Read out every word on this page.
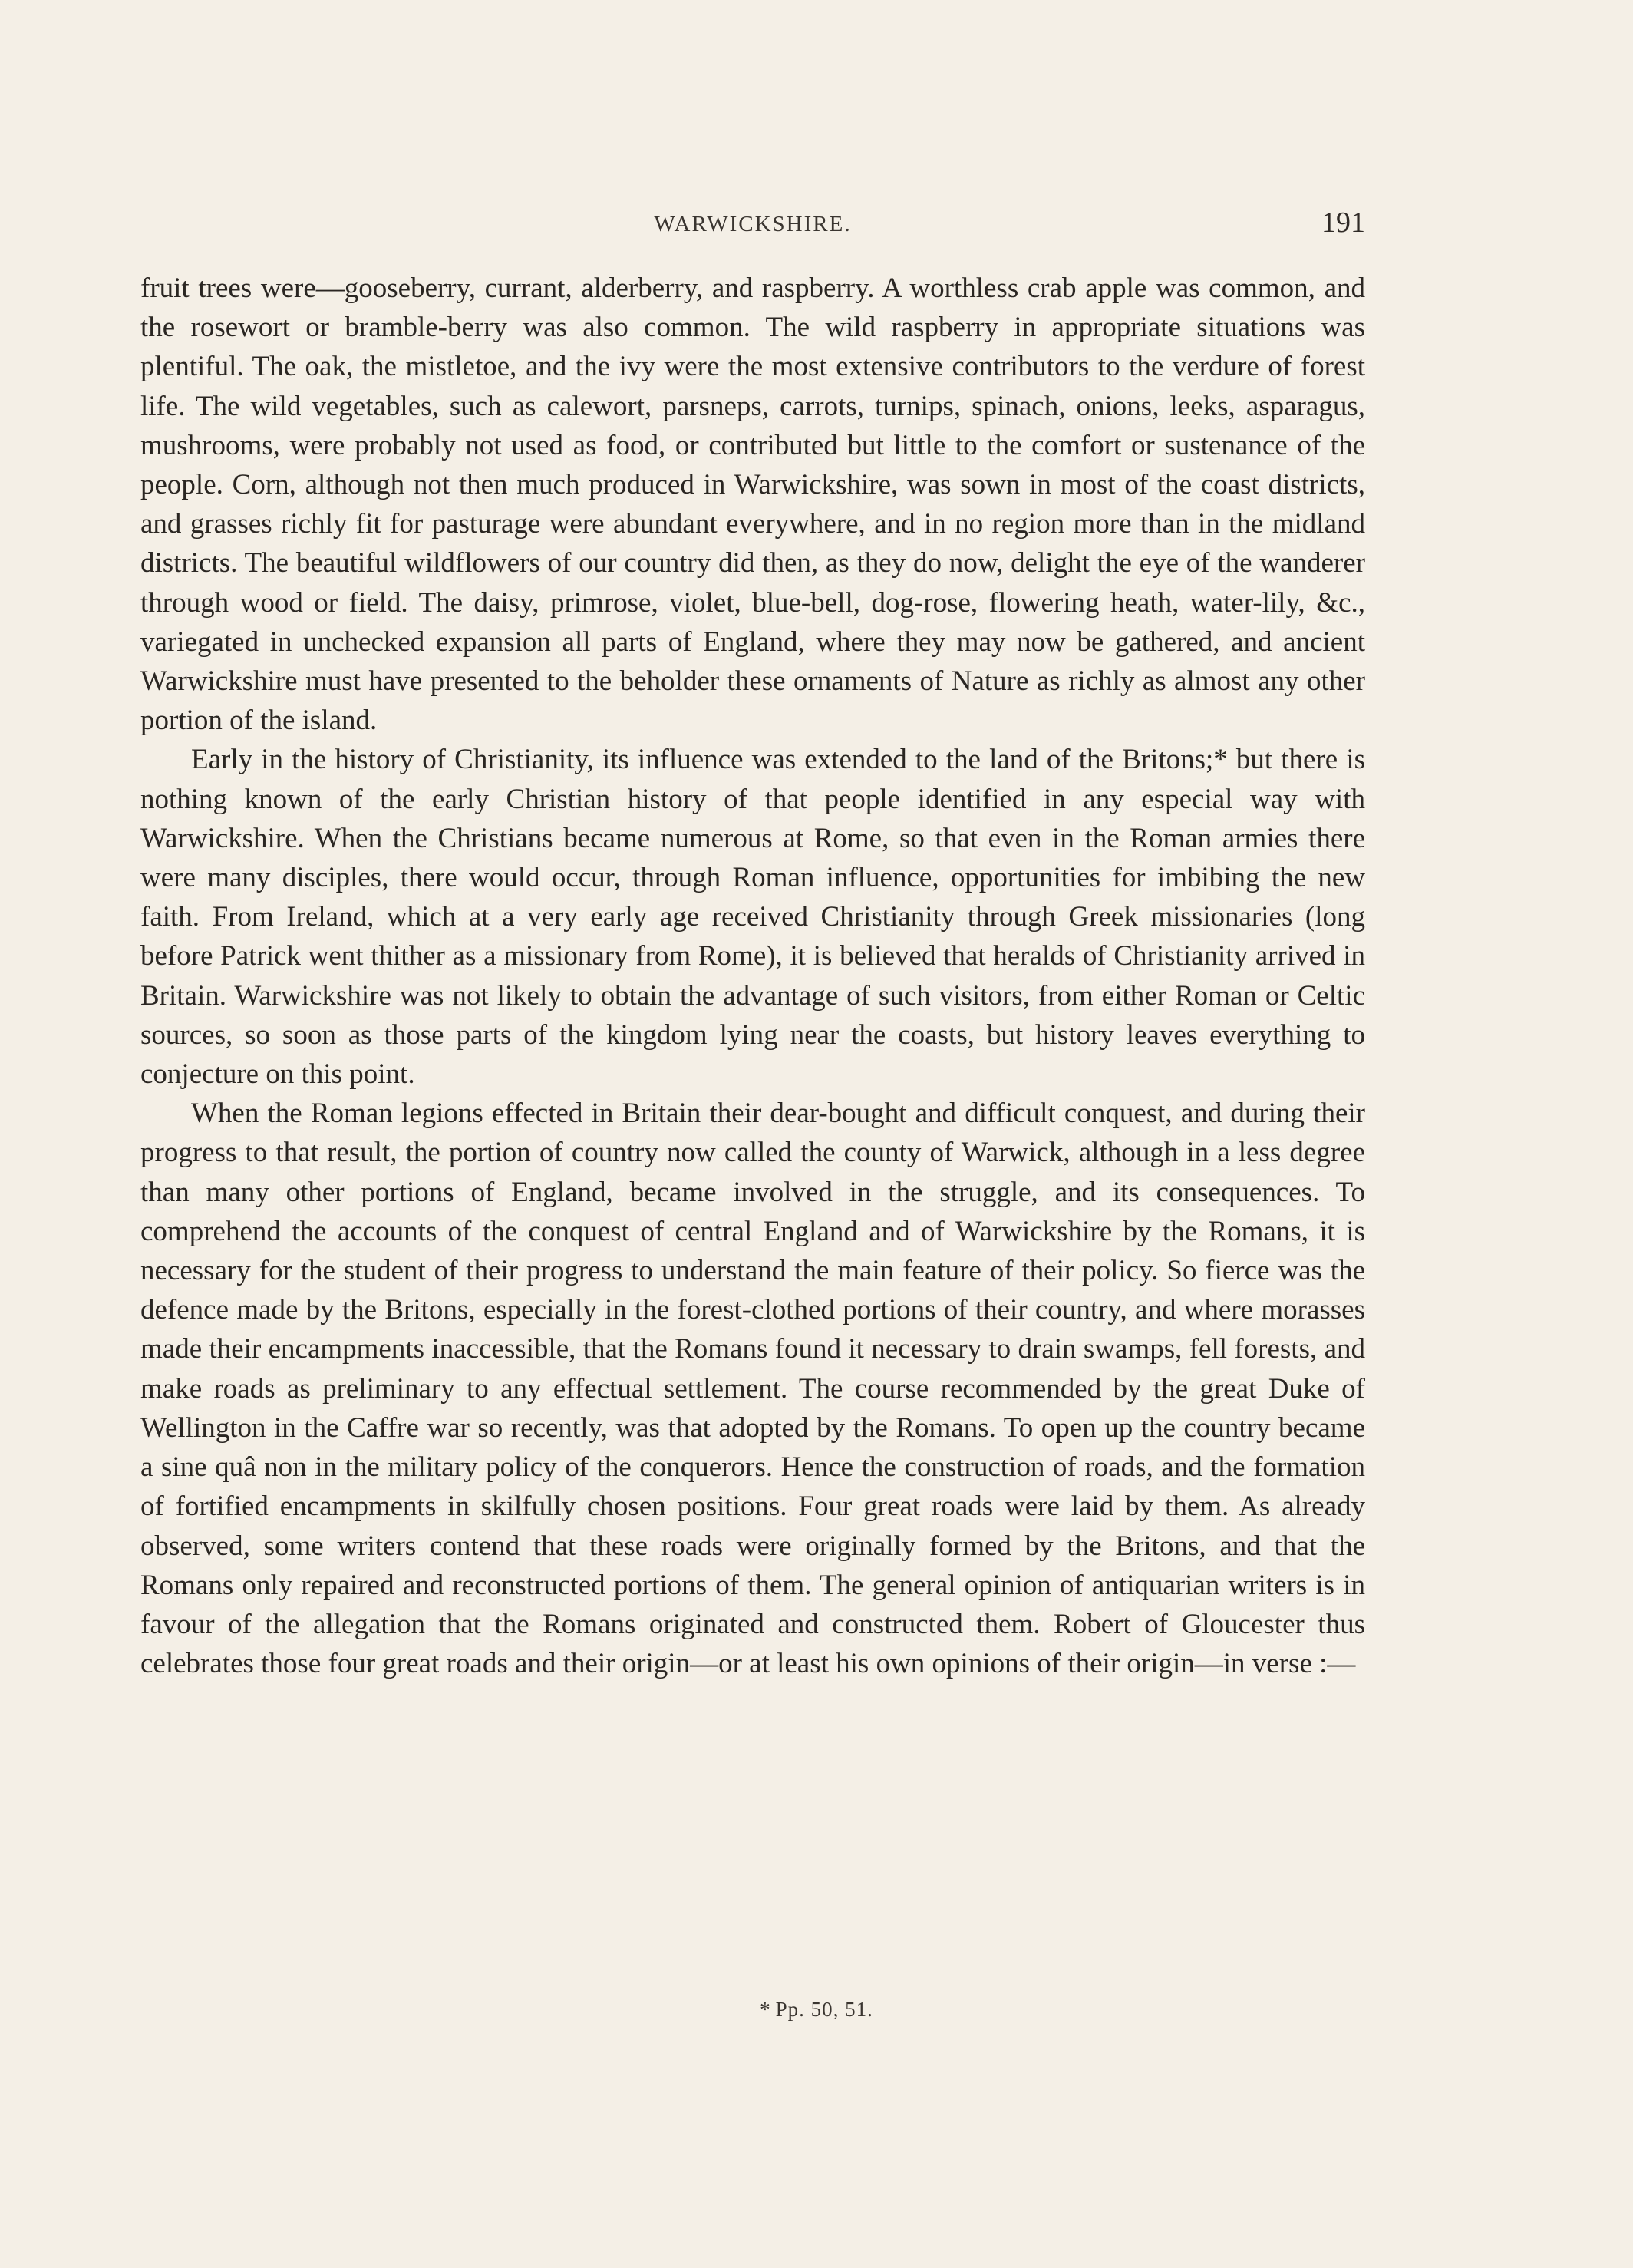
WARWICKSHIRE.	191

fruit trees were—gooseberry, currant, alderberry, and raspberry. A worthless crab apple was common, and the rosewort or bramble-berry was also common. The wild raspberry in appropriate situations was plentiful. The oak, the mistletoe, and the ivy were the most extensive contributors to the verdure of forest life. The wild vegetables, such as calewort, parsneps, carrots, turnips, spinach, onions, leeks, asparagus, mushrooms, were probably not used as food, or contributed but little to the comfort or sustenance of the people. Corn, although not then much produced in Warwickshire, was sown in most of the coast districts, and grasses richly fit for pasturage were abundant everywhere, and in no region more than in the midland districts. The beautiful wildflowers of our country did then, as they do now, delight the eye of the wanderer through wood or field. The daisy, primrose, violet, blue-bell, dog-rose, flowering heath, water-lily, &c., variegated in unchecked expansion all parts of England, where they may now be gathered, and ancient Warwickshire must have presented to the beholder these ornaments of Nature as richly as almost any other portion of the island.

Early in the history of Christianity, its influence was extended to the land of the Britons;* but there is nothing known of the early Christian history of that people identified in any especial way with Warwickshire. When the Christians became numerous at Rome, so that even in the Roman armies there were many disciples, there would occur, through Roman influence, opportunities for imbibing the new faith. From Ireland, which at a very early age received Christianity through Greek missionaries (long before Patrick went thither as a missionary from Rome), it is believed that heralds of Christianity arrived in Britain. Warwickshire was not likely to obtain the advantage of such visitors, from either Roman or Celtic sources, so soon as those parts of the kingdom lying near the coasts, but history leaves everything to conjecture on this point.

When the Roman legions effected in Britain their dear-bought and difficult conquest, and during their progress to that result, the portion of country now called the county of Warwick, although in a less degree than many other portions of England, became involved in the struggle, and its consequences. To comprehend the accounts of the conquest of central England and of Warwickshire by the Romans, it is necessary for the student of their progress to understand the main feature of their policy. So fierce was the defence made by the Britons, especially in the forest-clothed portions of their country, and where morasses made their encampments inaccessible, that the Romans found it necessary to drain swamps, fell forests, and make roads as preliminary to any effectual settlement. The course recommended by the great Duke of Wellington in the Caffre war so recently, was that adopted by the Romans. To open up the country became a sine quâ non in the military policy of the conquerors. Hence the construction of roads, and the formation of fortified encampments in skilfully chosen positions. Four great roads were laid by them. As already observed, some writers contend that these roads were originally formed by the Britons, and that the Romans only repaired and reconstructed portions of them. The general opinion of antiquarian writers is in favour of the allegation that the Romans originated and constructed them. Robert of Gloucester thus celebrates those four great roads and their origin—or at least his own opinions of their origin—in verse :—

* Pp. 50, 51.
